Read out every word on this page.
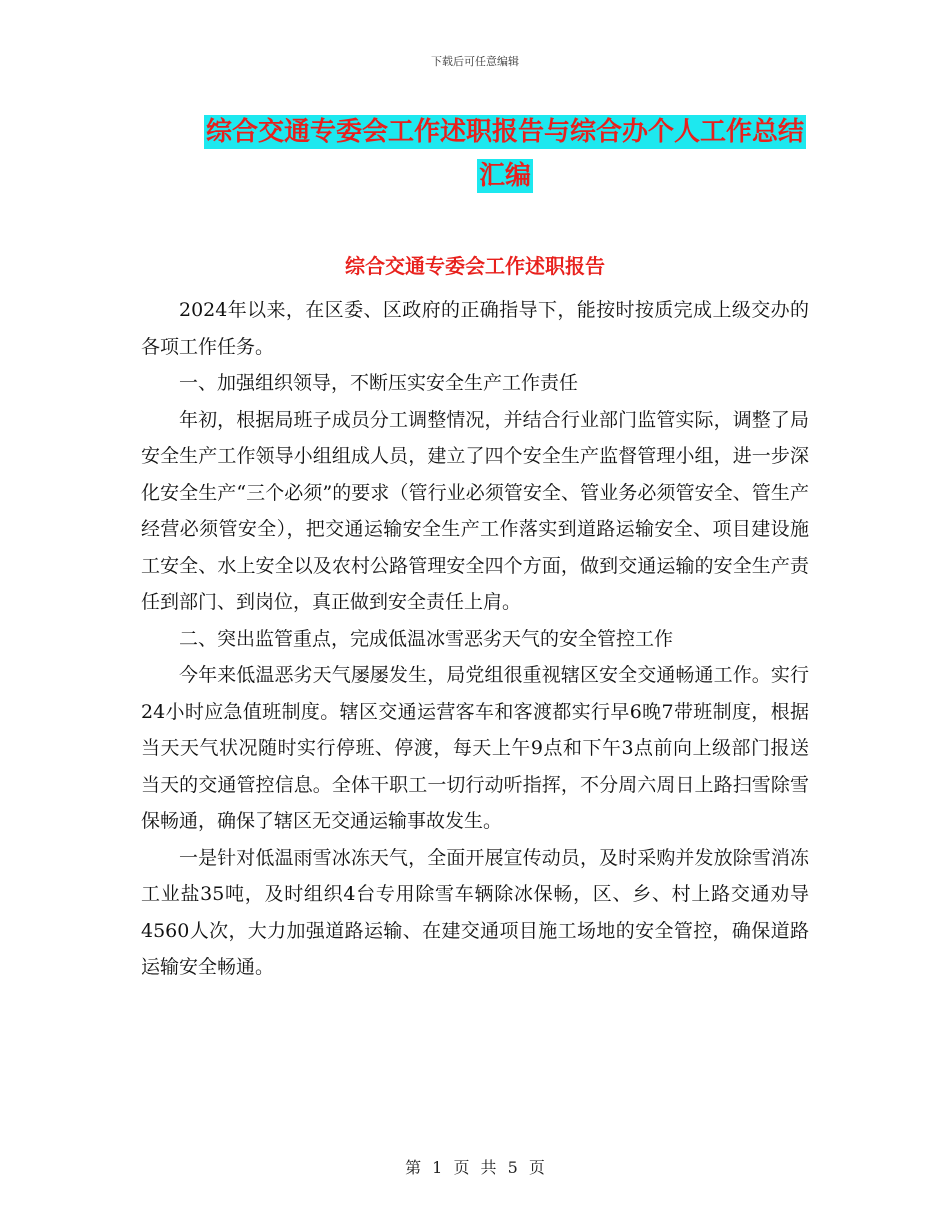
下载后可任意编辑
综合交通专委会工作述职报告与综合办个人工作总结
汇编
综合交通专委会工作述职报告

2024年以来，在区委、区政府的正确指导下，能按时按质完成上级交办的各项工作任务。

一、加强组织领导，不断压实安全生产工作责任

年初，根据局班子成员分工调整情况，并结合行业部门监管实际，调整了局安全生产工作领导小组组成人员，建立了四个安全生产监督管理小组，进一步深化安全生产“三个必须”的要求（管行业必须管安全、管业务必须管安全、管生产经营必须管安全），把交通运输安全生产工作落实到道路运输安全、项目建设施工安全、水上安全以及农村公路管理安全四个方面，做到交通运输的安全生产责任到部门、到岗位，真正做到安全责任上肩。

二、突出监管重点，完成低温冰雪恶劣天气的安全管控工作

今年来低温恶劣天气屡屡发生，局党组很重视辖区安全交通畅通工作。实行24小时应急值班制度。辖区交通运营客车和客渡都实行早6晚7带班制度，根据当天天气状况随时实行停班、停渡，每天上午9点和下午3点前向上级部门报送当天的交通管控信息。全体干职工一切行动听指挥，不分周六周日上路扫雪除雪保畅通，确保了辖区无交通运输事故发生。

一是针对低温雨雪冰冻天气，全面开展宣传动员，及时采购并发放除雪消冻工业盐35吨，及时组织4台专用除雪车辆除冰保畅，区、乡、村上路交通劝导4560人次，大力加强道路运输、在建交通项目施工场地的安全管控，确保道路运输安全畅通。

第 1 页 共 5 页
